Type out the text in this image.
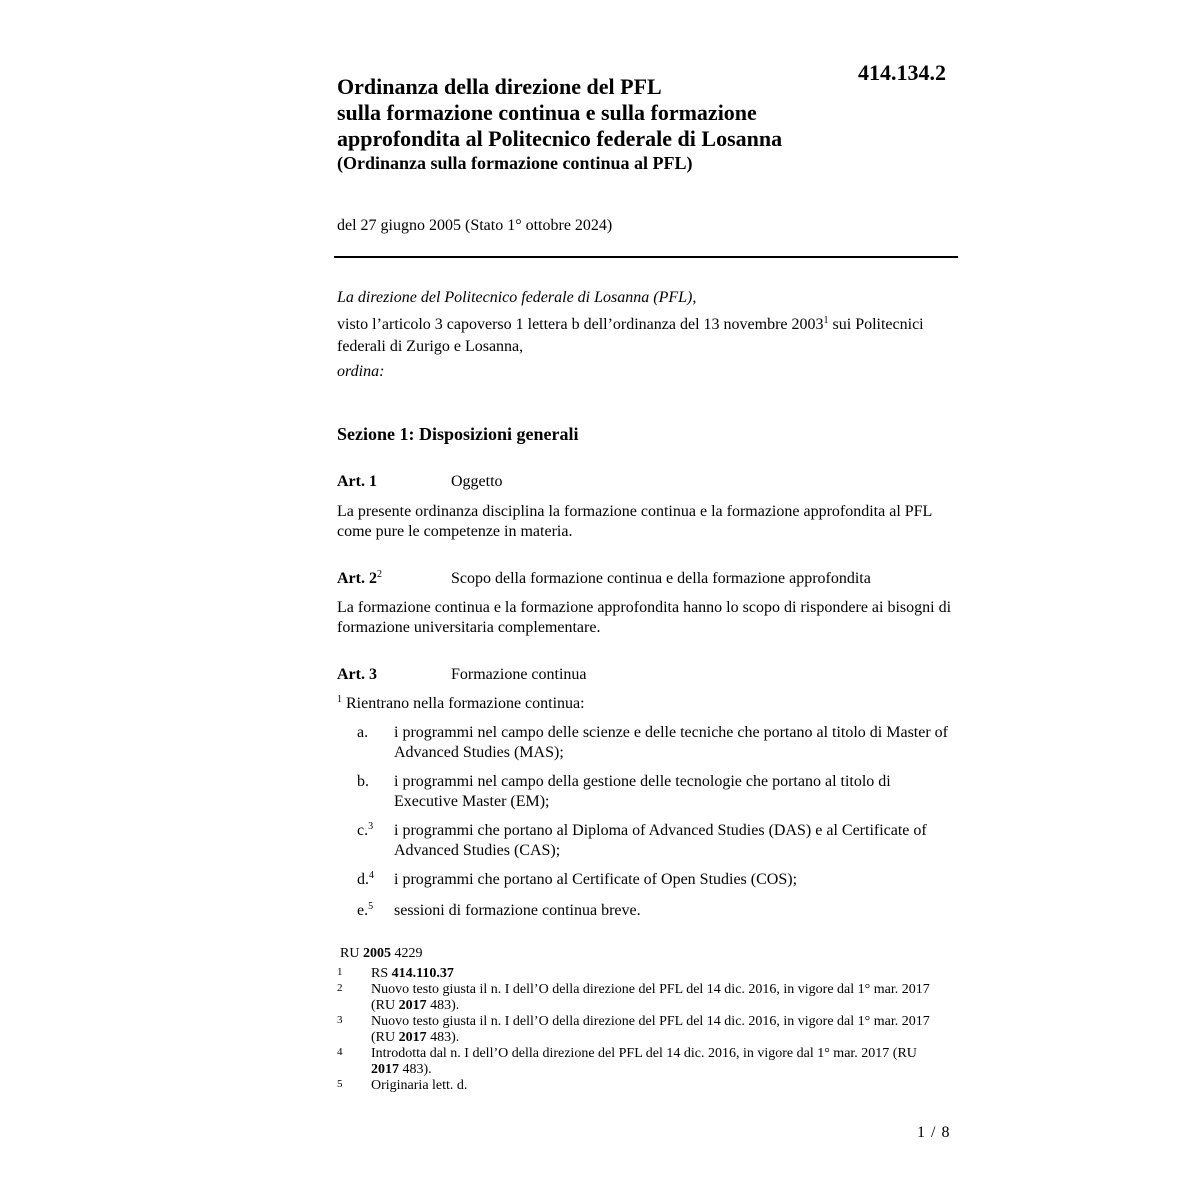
414.134.2
Ordinanza della direzione del PFL
sulla formazione continua e sulla formazione
approfondita al Politecnico federale di Losanna
(Ordinanza sulla formazione continua al PFL)
del 27 giugno 2005 (Stato 1° ottobre 2024)
La direzione del Politecnico federale di Losanna (PFL),
visto l’articolo 3 capoverso 1 lettera b dell’ordinanza del 13 novembre 2003$^1$ sui Politecnici federali di Zurigo e Losanna,
ordina:
Sezione 1: Disposizioni generali
Art. 1	Oggetto
La presente ordinanza disciplina la formazione continua e la formazione approfondita al PFL come pure le competenze in materia.
Art. $2^2$	Scopo della formazione continua e della formazione approfondita
La formazione continua e la formazione approfondita hanno lo scopo di rispondere ai bisogni di formazione universitaria complementare.
Art. 3	Formazione continua
$^1$ Rientrano nella formazione continua:
a.	i programmi nel campo delle scienze e delle tecniche che portano al titolo di Master of Advanced Studies (MAS);
b.	i programmi nel campo della gestione delle tecnologie che portano al titolo di Executive Master (EM);
c.$^3$	i programmi che portano al Diploma of Advanced Studies (DAS) e al Certificate of Advanced Studies (CAS);
d.$^4$	i programmi che portano al Certificate of Open Studies (COS);
e.$^5$	sessioni di formazione continua breve.
RU 2005 4229
1	RS 414.110.37
2	Nuovo testo giusta il n. I dell’O della direzione del PFL del 14 dic. 2016, in vigore dal 1° mar. 2017 (RU 2017 483).
3	Nuovo testo giusta il n. I dell’O della direzione del PFL del 14 dic. 2016, in vigore dal 1° mar. 2017 (RU 2017 483).
4	Introdotta dal n. I dell’O della direzione del PFL del 14 dic. 2016, in vigore dal 1° mar. 2017 (RU 2017 483).
5	Originaria lett. d.
1 / 8
